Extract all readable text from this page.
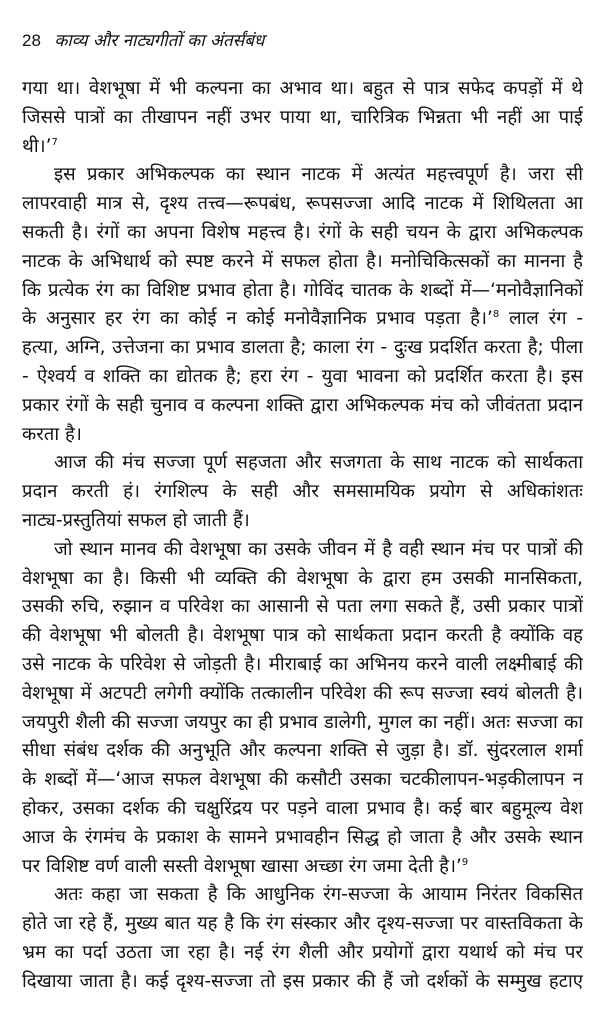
28 काव्य और नाट्यगीतों का अंतर्संबंध
गया था। वेशभूषा में भी कल्पना का अभाव था। बहुत से पात्र सफेद कपड़ों में थे
जिससे पात्रों का तीखापन नहीं उभर पाया था, चारित्रिक भिन्नता भी नहीं आ पाई
थी।’$^7$
इस प्रकार अभिकल्पक का स्थान नाटक में अत्यंत महत्त्वपूर्ण है। जरा सी
लापरवाही मात्र से, दृश्य तत्त्व—रूपबंध, रूपसज्जा आदि नाटक में शिथिलता आ
सकती है। रंगों का अपना विशेष महत्त्व है। रंगों के सही चयन के द्वारा अभिकल्पक
नाटक के अभिधार्थ को स्पष्ट करने में सफल होता है। मनोचिकित्सकों का मानना है
कि प्रत्येक रंग का विशिष्ट प्रभाव होता है। गोविंद चातक के शब्दों में—‘मनोवैज्ञानिकों
के अनुसार हर रंग का कोई न कोई मनोवैज्ञानिक प्रभाव पड़ता है।’$^8$ लाल रंग -
हत्या, अग्नि, उत्तेजना का प्रभाव डालता है; काला रंग - दुःख प्रदर्शित करता है; पीला
- ऐश्वर्य व शक्ति का द्योतक है; हरा रंग - युवा भावना को प्रदर्शित करता है। इस
प्रकार रंगों के सही चुनाव व कल्पना शक्ति द्वारा अभिकल्पक मंच को जीवंतता प्रदान
करता है।
आज की मंच सज्जा पूर्ण सहजता और सजगता के साथ नाटक को सार्थकता
प्रदान करती हं। रंगशिल्प के सही और समसामयिक प्रयोग से अधिकांशतः
नाट्य-प्रस्तुतियां सफल हो जाती हैं।
जो स्थान मानव की वेशभूषा का उसके जीवन में है वही स्थान मंच पर पात्रों की
वेशभूषा का है। किसी भी व्यक्ति की वेशभूषा के द्वारा हम उसकी मानसिकता,
उसकी रुचि, रुझान व परिवेश का आसानी से पता लगा सकते हैं, उसी प्रकार पात्रों
की वेशभूषा भी बोलती है। वेशभूषा पात्र को सार्थकता प्रदान करती है क्योंकि वह
उसे नाटक के परिवेश से जोड़ती है। मीराबाई का अभिनय करने वाली लक्ष्मीबाई की
वेशभूषा में अटपटी लगेगी क्योंकि तत्कालीन परिवेश की रूप सज्जा स्वयं बोलती है।
जयपुरी शैली की सज्जा जयपुर का ही प्रभाव डालेगी, मुगल का नहीं। अतः सज्जा का
सीधा संबंध दर्शक की अनुभूति और कल्पना शक्ति से जुड़ा है। डॉ. सुंदरलाल शर्मा
के शब्दों में—‘आज सफल वेशभूषा की कसौटी उसका चटकीलापन-भड़कीलापन न
होकर, उसका दर्शक की चक्षुरिंद्रय पर पड़ने वाला प्रभाव है। कई बार बहुमूल्य वेश
आज के रंगमंच के प्रकाश के सामने प्रभावहीन सिद्ध हो जाता है और उसके स्थान
पर विशिष्ट वर्ण वाली सस्ती वेशभूषा खासा अच्छा रंग जमा देती है।’$^9$
अतः कहा जा सकता है कि आधुनिक रंग-सज्जा के आयाम निरंतर विकसित
होते जा रहे हैं, मुख्य बात यह है कि रंग संस्कार और दृश्य-सज्जा पर वास्तविकता के
भ्रम का पर्दा उठता जा रहा है। नई रंग शैली और प्रयोगों द्वारा यथार्थ को मंच पर
दिखाया जाता है। कई दृश्य-सज्जा तो इस प्रकार की हैं जो दर्शकों के सम्मुख हटाए
